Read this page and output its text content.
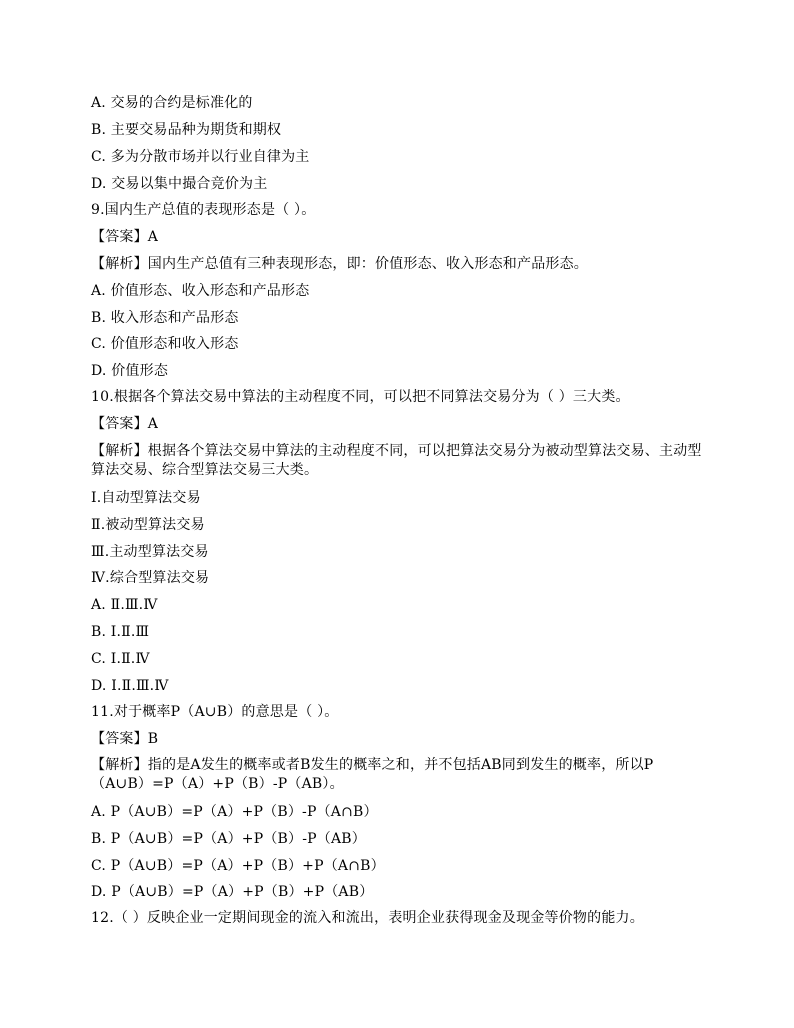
A. 交易的合约是标准化的
B. 主要交易品种为期货和期权
C. 多为分散市场并以行业自律为主
D. 交易以集中撮合竞价为主
9.国内生产总值的表现形态是（ ）。
【答案】A
【解析】国内生产总值有三种表现形态，即：价值形态、收入形态和产品形态。
A. 价值形态、收入形态和产品形态
B. 收入形态和产品形态
C. 价值形态和收入形态
D. 价值形态
10.根据各个算法交易中算法的主动程度不同，可以把不同算法交易分为（ ）三大类。
【答案】A
【解析】根据各个算法交易中算法的主动程度不同，可以把算法交易分为被动型算法交易、主动型算法交易、综合型算法交易三大类。
Ⅰ.自动型算法交易
Ⅱ.被动型算法交易
Ⅲ.主动型算法交易
Ⅳ.综合型算法交易
A. Ⅱ.Ⅲ.Ⅳ
B. Ⅰ.Ⅱ.Ⅲ
C. Ⅰ.Ⅱ.Ⅳ
D. Ⅰ.Ⅱ.Ⅲ.Ⅳ
11.对于概率P（A∪B）的意思是（ ）。
【答案】B
【解析】指的是A发生的概率或者B发生的概率之和，并不包括AB同到发生的概率，所以P（A∪B）=P（A）+P（B）-P（AB）。
A. P（A∪B）=P（A）+P（B）-P（A∩B）
B. P（A∪B）=P（A）+P（B）-P（AB）
C. P（A∪B）=P（A）+P（B）+P（A∩B）
D. P（A∪B）=P（A）+P（B）+P（AB）
12.（ ）反映企业一定期间现金的流入和流出，表明企业获得现金及现金等价物的能力。
